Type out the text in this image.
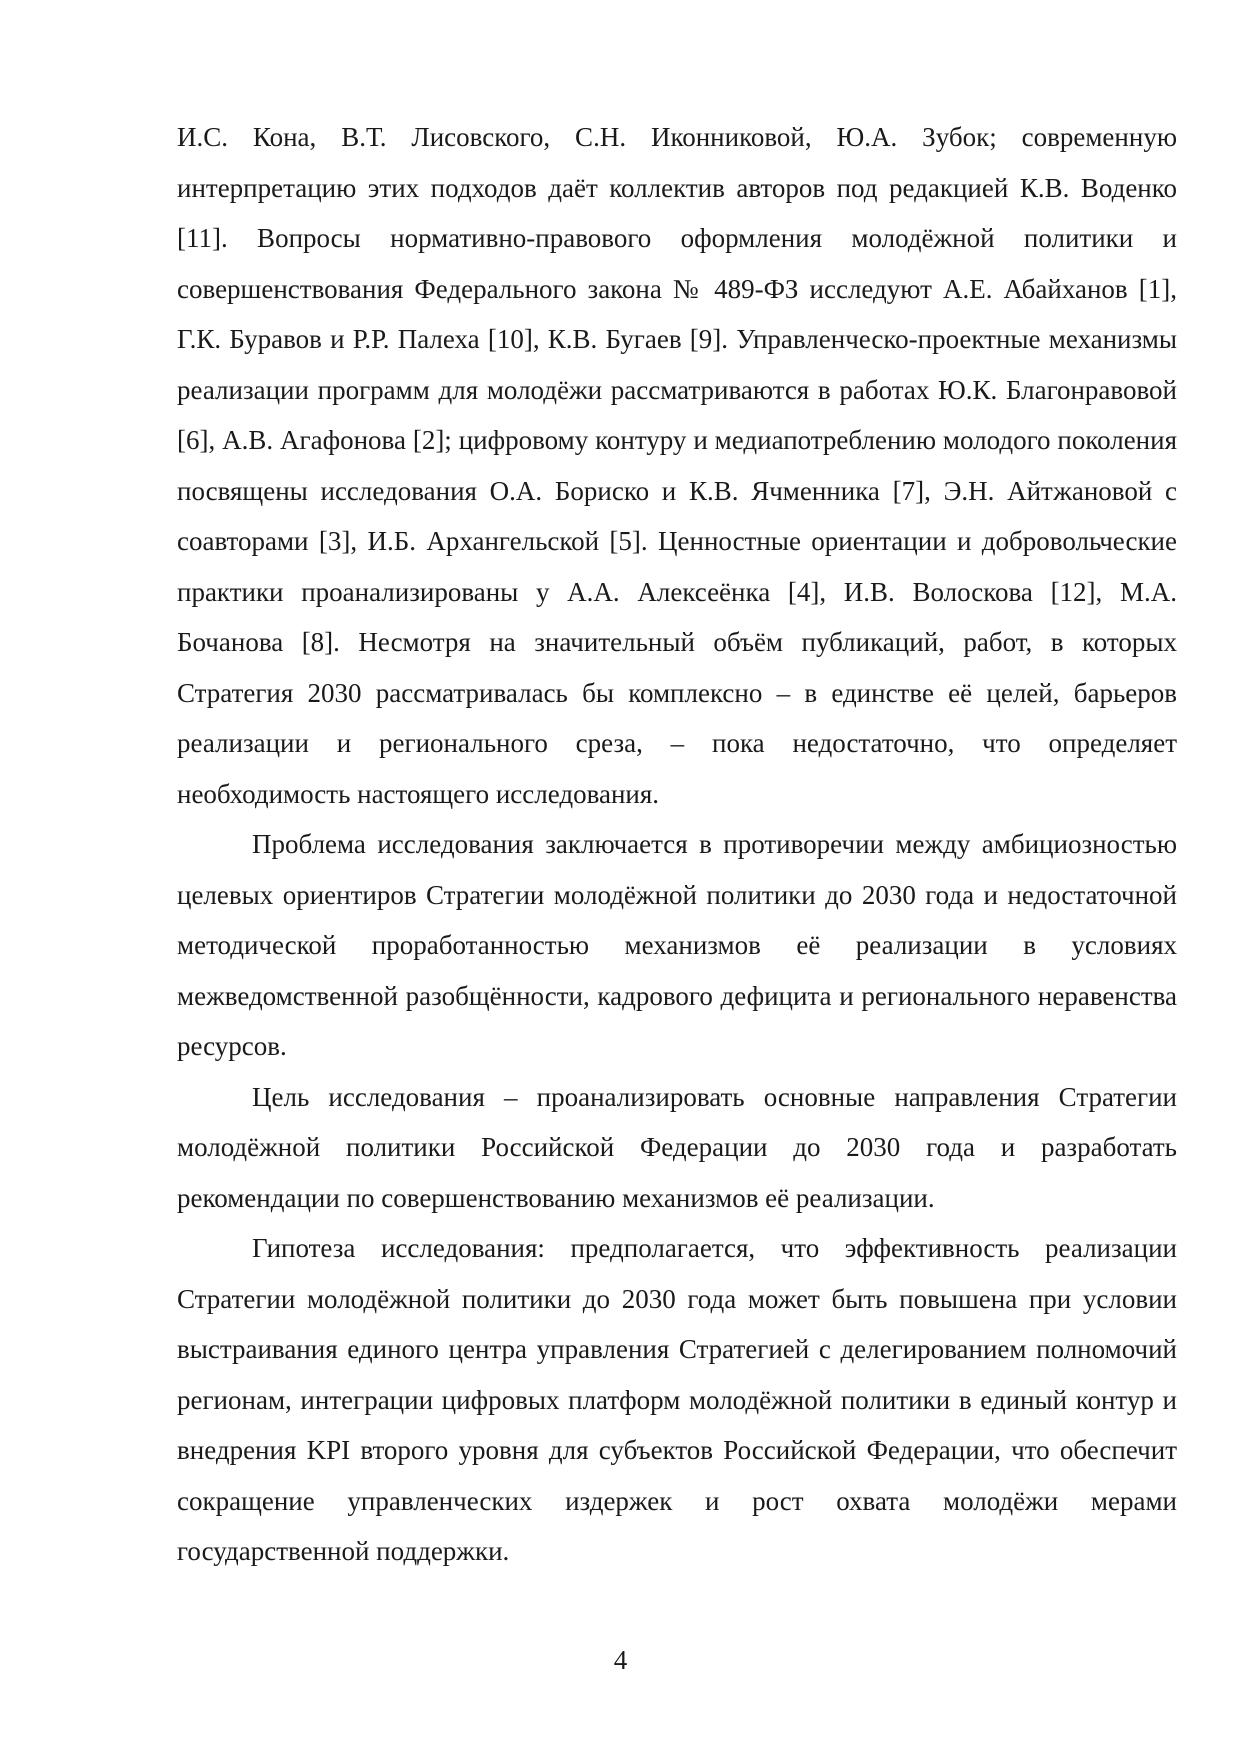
И.С. Кона, В.Т. Лисовского, С.Н. Иконниковой, Ю.А. Зубок; современную интерпретацию этих подходов даёт коллектив авторов под редакцией К.В. Воденко [11]. Вопросы нормативно-правового оформления молодёжной политики и совершенствования Федерального закона № 489-ФЗ исследуют А.Е. Абайханов [1], Г.К. Буравов и Р.Р. Палеха [10], К.В. Бугаев [9]. Управленческо-проектные механизмы реализации программ для молодёжи рассматриваются в работах Ю.К. Благонравовой [6], А.В. Агафонова [2]; цифровому контуру и медиапотреблению молодого поколения посвящены исследования О.А. Бориско и К.В. Ячменника [7], Э.Н. Айтжановой с соавторами [3], И.Б. Архангельской [5]. Ценностные ориентации и добровольческие практики проанализированы у А.А. Алексеёнка [4], И.В. Волоскова [12], М.А. Бочанова [8]. Несмотря на значительный объём публикаций, работ, в которых Стратегия 2030 рассматривалась бы комплексно – в единстве её целей, барьеров реализации и регионального среза, – пока недостаточно, что определяет необходимость настоящего исследования.

Проблема исследования заключается в противоречии между амбициозностью целевых ориентиров Стратегии молодёжной политики до 2030 года и недостаточной методической проработанностью механизмов её реализации в условиях межведомственной разобщённости, кадрового дефицита и регионального неравенства ресурсов.

Цель исследования – проанализировать основные направления Стратегии молодёжной политики Российской Федерации до 2030 года и разработать рекомендации по совершенствованию механизмов её реализации.

Гипотеза исследования: предполагается, что эффективность реализации Стратегии молодёжной политики до 2030 года может быть повышена при условии выстраивания единого центра управления Стратегией с делегированием полномочий регионам, интеграции цифровых платформ молодёжной политики в единый контур и внедрения KPI второго уровня для субъектов Российской Федерации, что обеспечит сокращение управленческих издержек и рост охвата молодёжи мерами государственной поддержки.

4
